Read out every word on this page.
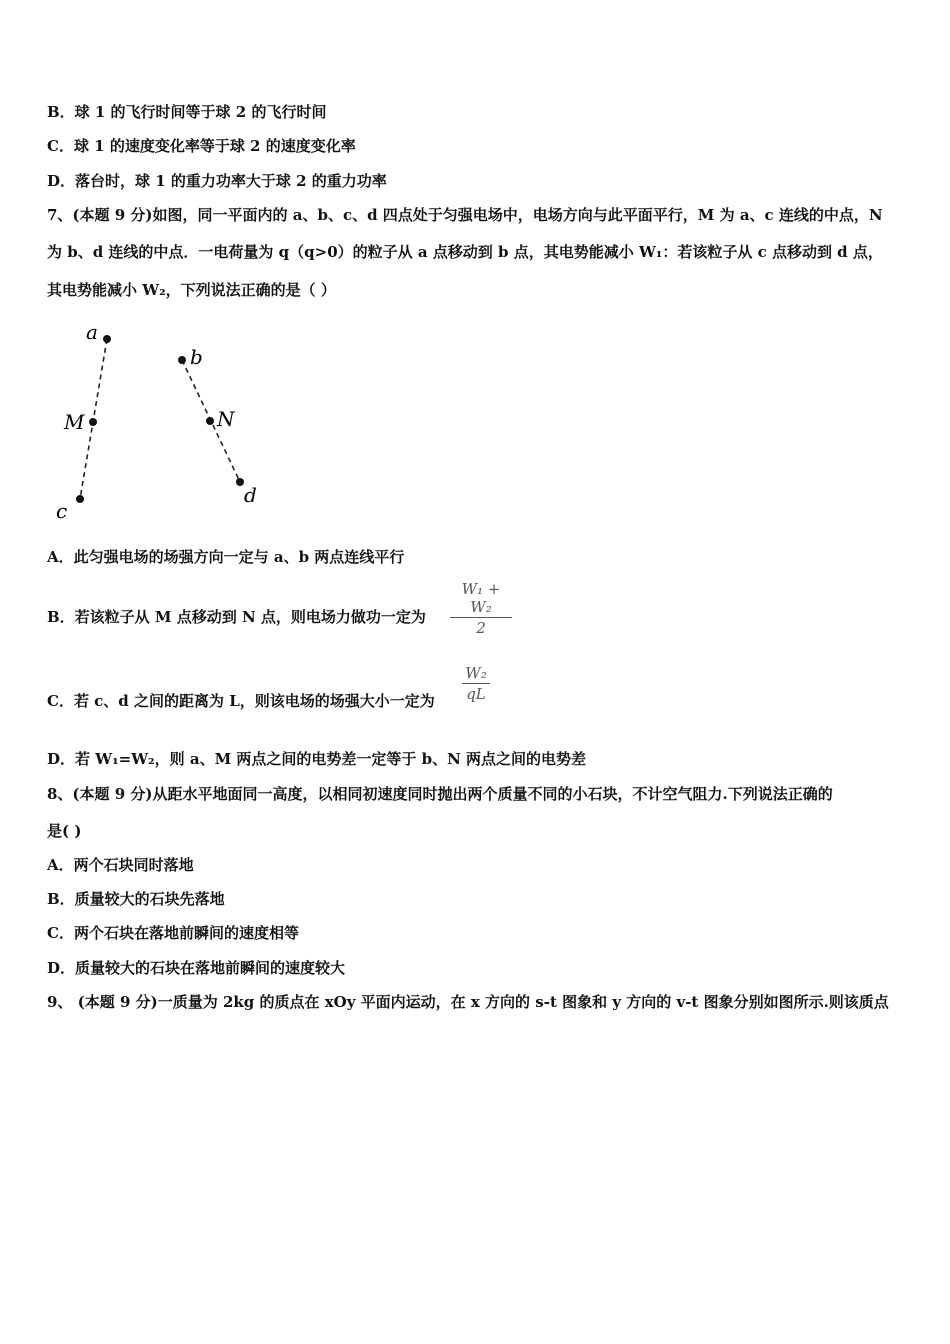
B．球 1 的飞行时间等于球 2 的飞行时间
C．球 1 的速度变化率等于球 2 的速度变化率
D．落台时，球 1 的重力功率大于球 2 的重力功率
7、(本题 9 分)如图，同一平面内的 a、b、c、d 四点处于匀强电场中，电场方向与此平面平行，M 为 a、c 连线的中点，N
为 b、d 连线的中点．一电荷量为 q（q>0）的粒子从 a 点移动到 b 点，其电势能减小 W₁：若该粒子从 c 点移动到 d 点，
其电势能减小 W₂，下列说法正确的是（ ）
a
M
c
b
N
d
A．此匀强电场的场强方向一定与 a、b 两点连线平行
B．若该粒子从 M 点移动到 N 点，则电场力做功一定为
W₁ + W₂
2
C．若 c、d 之间的距离为 L，则该电场的场强大小一定为
W₂
qL
D．若 W₁=W₂，则 a、M 两点之间的电势差一定等于 b、N 两点之间的电势差
8、(本题 9 分)从距水平地面同一高度，以相同初速度同时抛出两个质量不同的小石块，不计空气阻力.下列说法正确的
是( )
A．两个石块同时落地
B．质量较大的石块先落地
C．两个石块在落地前瞬间的速度相等
D．质量较大的石块在落地前瞬间的速度较大
9、 (本题 9 分)一质量为 2kg 的质点在 xOy 平面内运动，在 x 方向的 s-t 图象和 y 方向的 v-t 图象分别如图所示.则该质点
